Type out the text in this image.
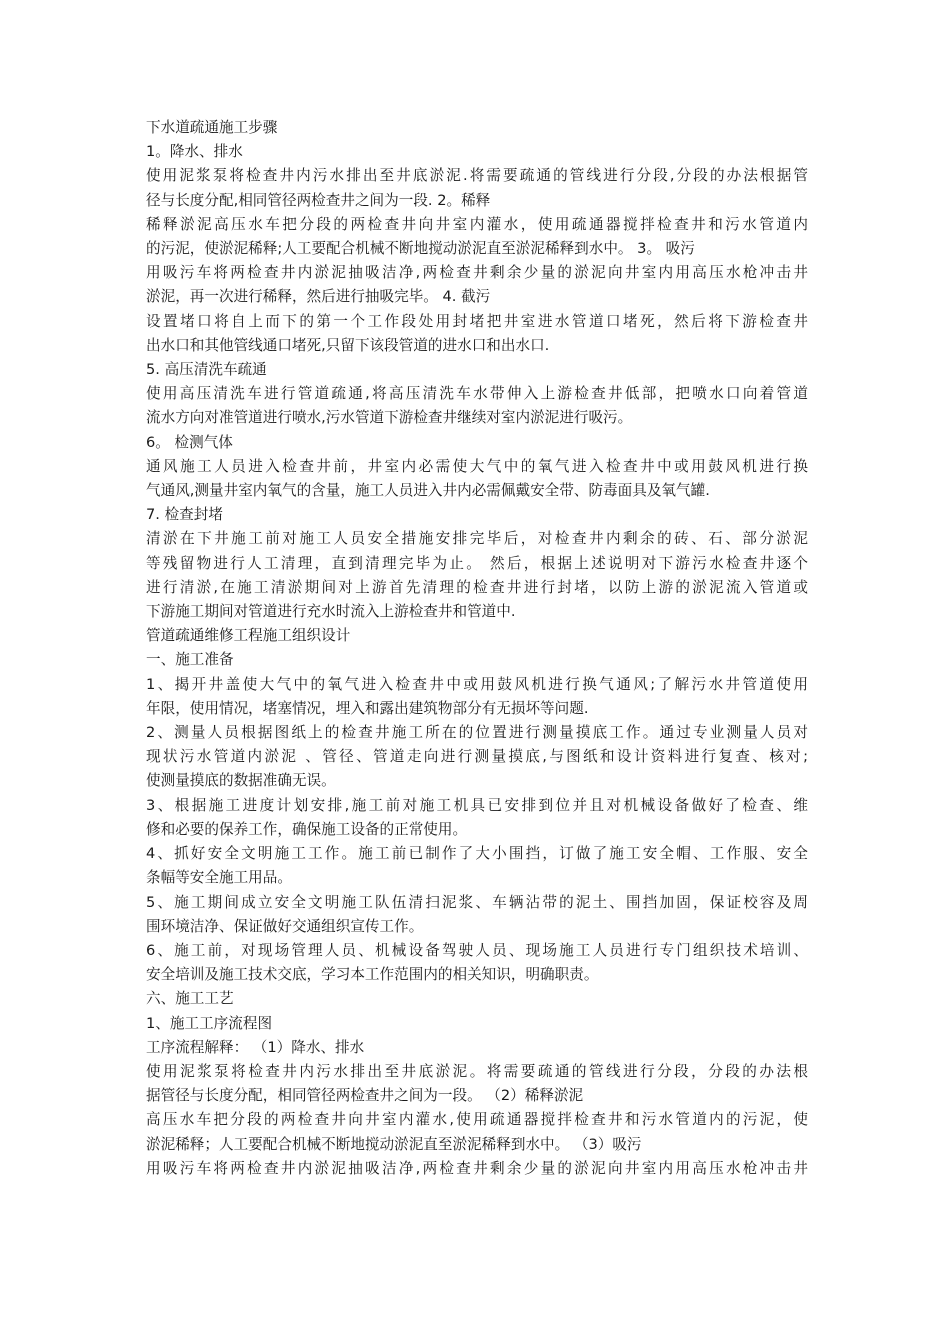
下水道疏通施工步骤
1。降水、排水
使用泥浆泵将检查井内污水排出至井底淤泥.将需要疏通的管线进行分段,分段的办法根据管
径与长度分配,相同管径两检查井之间为一段. 2。稀释
稀释淤泥高压水车把分段的两检查井向井室内灌水，使用疏通器搅拌检查井和污水管道内
的污泥，使淤泥稀释;人工要配合机械不断地搅动淤泥直至淤泥稀释到水中。 3。 吸污
用吸污车将两检查井内淤泥抽吸洁净,两检查井剩余少量的淤泥向井室内用高压水枪冲击井
淤泥，再一次进行稀释，然后进行抽吸完毕。 4. 截污
设置堵口将自上而下的第一个工作段处用封堵把井室进水管道口堵死，然后将下游检查井
出水口和其他管线通口堵死,只留下该段管道的进水口和出水口.
5. 高压清洗车疏通
使用高压清洗车进行管道疏通,将高压清洗车水带伸入上游检查井低部，把喷水口向着管道
流水方向对准管道进行喷水,污水管道下游检查井继续对室内淤泥进行吸污。
6。 检测气体
通风施工人员进入检查井前，井室内必需使大气中的氧气进入检查井中或用鼓风机进行换
气通风,测量井室内氧气的含量，施工人员进入井内必需佩戴安全带、防毒面具及氧气罐.
7. 检查封堵
清淤在下井施工前对施工人员安全措施安排完毕后，对检查井内剩余的砖、石、部分淤泥
等残留物进行人工清理，直到清理完毕为止。 然后，根据上述说明对下游污水检查井逐个
进行清淤,在施工清淤期间对上游首先清理的检查井进行封堵，以防上游的淤泥流入管道或
下游施工期间对管道进行充水时流入上游检查井和管道中.
管道疏通维修工程施工组织设计
一、施工准备
1、揭开井盖使大气中的氧气进入检查井中或用鼓风机进行换气通风;了解污水井管道使用
年限，使用情况，堵塞情况，埋入和露出建筑物部分有无损坏等问题.
2、测量人员根据图纸上的检查井施工所在的位置进行测量摸底工作。通过专业测量人员对
现状污水管道内淤泥 、管径、管道走向进行测量摸底,与图纸和设计资料进行复查、核对;
使测量摸底的数据准确无误。
3、根据施工进度计划安排,施工前对施工机具已安排到位并且对机械设备做好了检查、维
修和必要的保养工作，确保施工设备的正常使用。
4、抓好安全文明施工工作。施工前已制作了大小围挡，订做了施工安全帽、工作服、安全
条幅等安全施工用品。
5、施工期间成立安全文明施工队伍清扫泥浆、车辆沾带的泥土、围挡加固，保证校容及周
围环境洁净、保证做好交通组织宣传工作。
6、施工前，对现场管理人员、机械设备驾驶人员、现场施工人员进行专门组织技术培训、
安全培训及施工技术交底，学习本工作范围内的相关知识，明确职责。
六、施工工艺
1、施工工序流程图
工序流程解释： （1）降水、排水
使用泥浆泵将检查井内污水排出至井底淤泥。将需要疏通的管线进行分段，分段的办法根
据管径与长度分配，相同管径两检查井之间为一段。 （2）稀释淤泥
高压水车把分段的两检查井向井室内灌水,使用疏通器搅拌检查井和污水管道内的污泥，使
淤泥稀释；人工要配合机械不断地搅动淤泥直至淤泥稀释到水中。 （3）吸污
用吸污车将两检查井内淤泥抽吸洁净,两检查井剩余少量的淤泥向井室内用高压水枪冲击井
